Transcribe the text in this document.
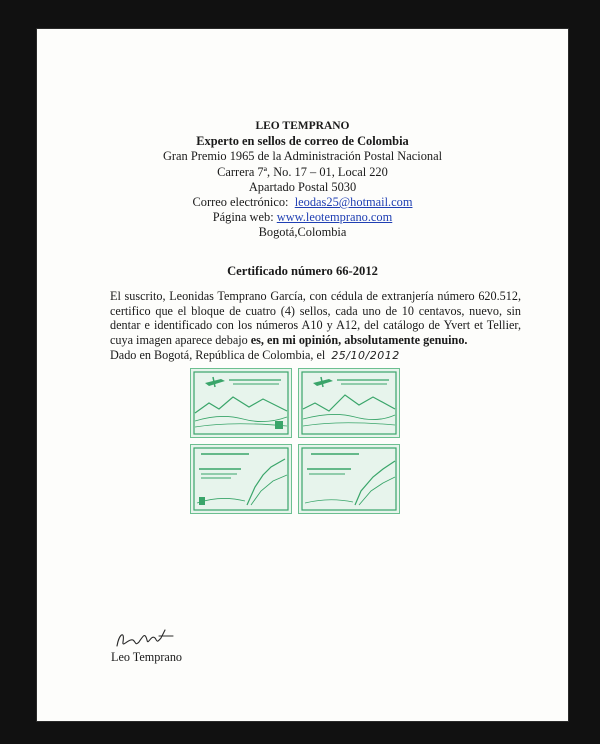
LEO TEMPRANO
Experto en sellos de correo de Colombia
Gran Premio 1965 de la Administración Postal Nacional
Carrera 7ª, No. 17 – 01, Local 220
Apartado Postal 5030
Correo electrónico: leodas25@hotmail.com
Página web: www.leotemprano.com
Bogotá,Colombia
Certificado número 66-2012

El suscrito, Leonidas Temprano García, con cédula de extranjería número 620.512, certifico que el bloque de cuatro (4) sellos, cada uno de 10 centavos, nuevo, sin dentar e identificado con los números A10 y A12, del catálogo de Yvert et Tellier, cuya imagen aparece debajo es, en mi opinión, absolutamente genuino.

Dado en Bogotá, República de Colombia, el 25/10/2012
Leo Temprano
